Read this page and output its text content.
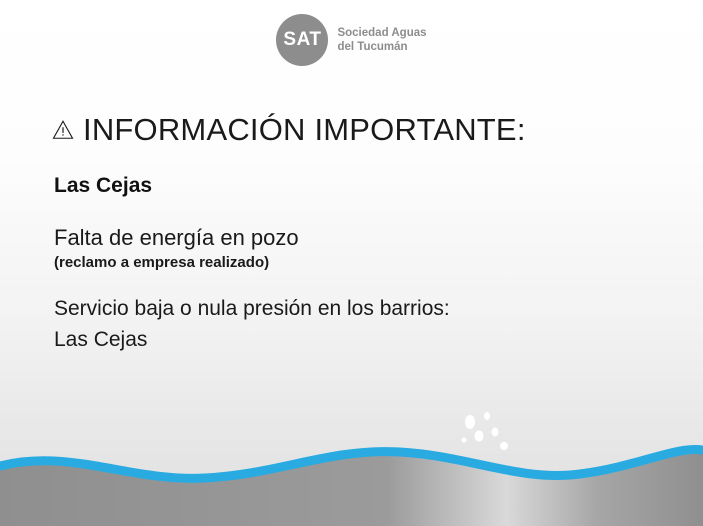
SAT	Sociedad Aguas
del Tucumán
INFORMACIÓN IMPORTANTE:
Las Cejas
Falta de energía en pozo
(reclamo a empresa realizado)
Servicio baja o nula presión en los barrios:
Las Cejas
